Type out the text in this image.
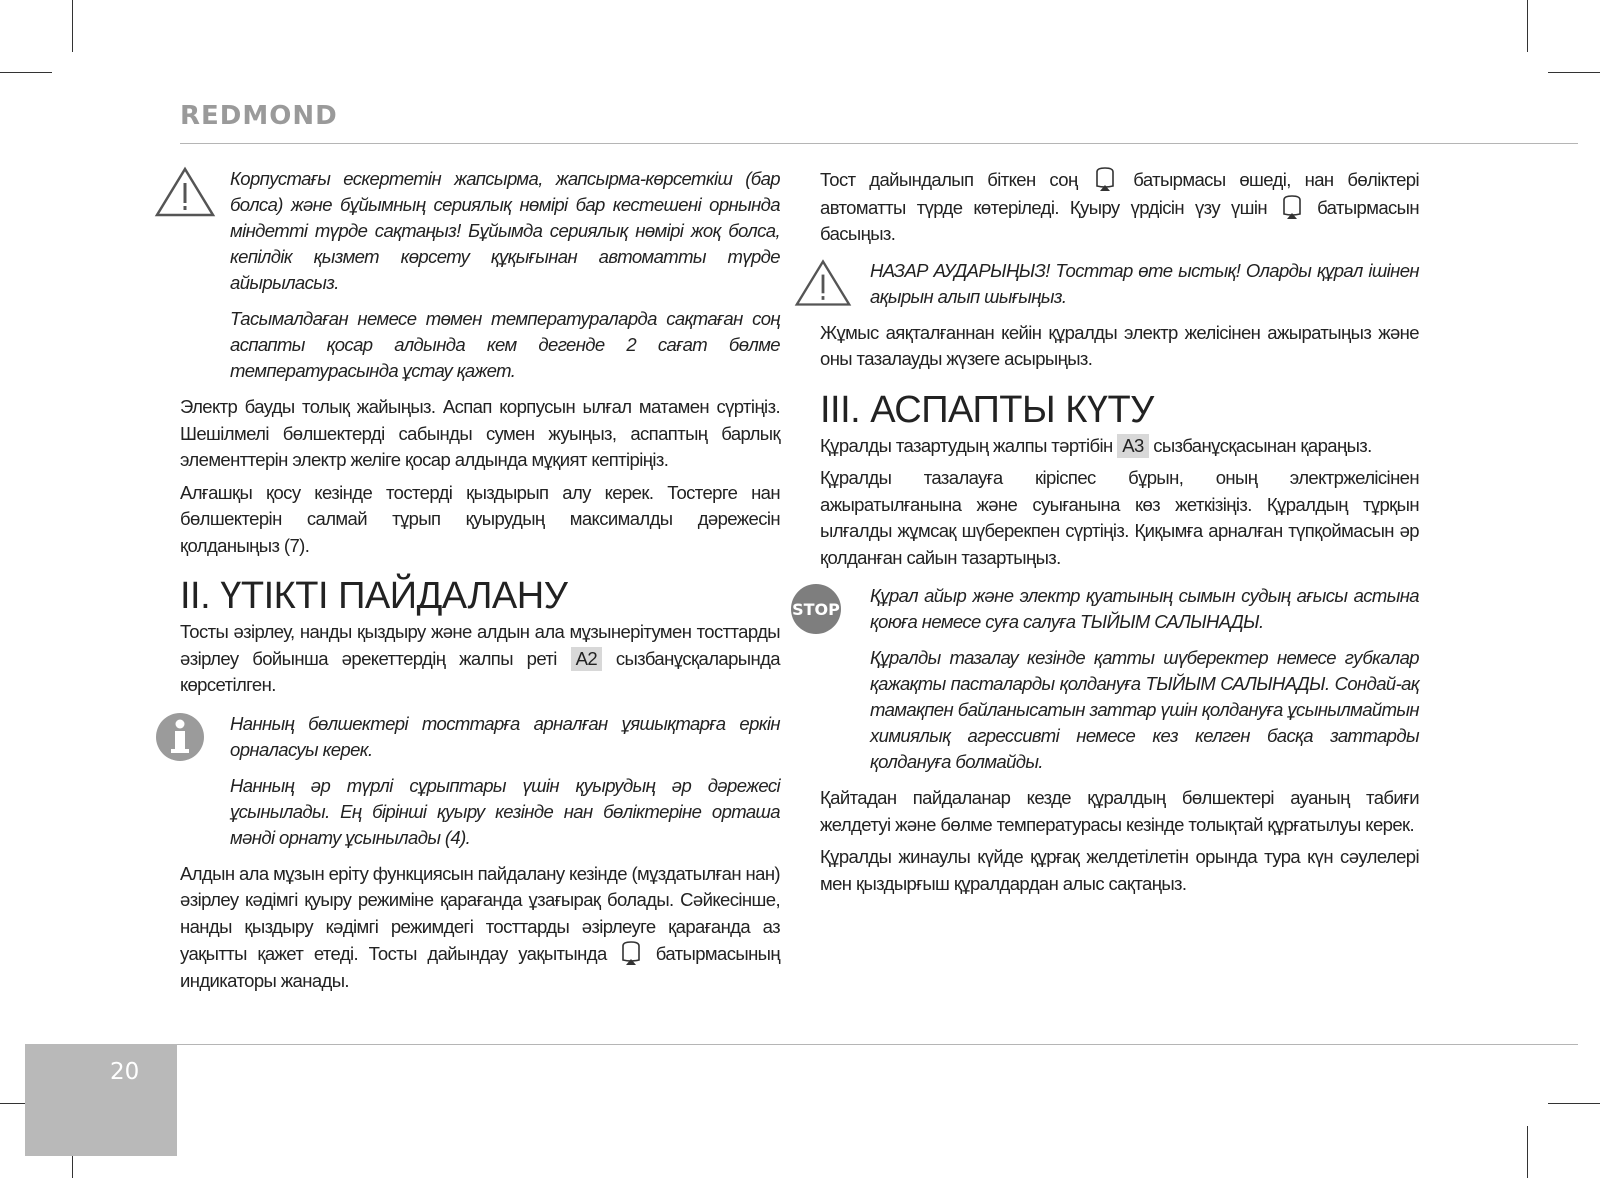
REDMOND

Корпустағы ескертетін жапсырма, жапсырма-көрсеткіш (бар болса) және бұйымның сериялық нөмірі бар кестешені орнында міндетті түрде сақтаңыз! Бұйымда сериялық нөмірі жоқ болса, кепілдік қызмет көрсету құқығынан автоматты түрде айырыласыз.

Тасымалдаған немесе төмен температураларда сақтаған соң аспапты қосар алдында кем дегенде 2 сағат бөлме температурасында ұстау қажет.

Электр бауды толық жайыңыз. Аспап корпусын ылғал матамен сүртіңіз. Шешілмелі бөлшектерді сабынды сумен жуыңыз, аспаптың барлық элементтерін электр желіге қосар алдында мұқият кептіріңіз.

Алғашқы қосу кезінде тостерді қыздырып алу керек. Тостерге нан бөлшектерін салмай тұрып қуырудың максималды дәрежесін қолданыңыз (7).

II. ҮТІКТІ ПАЙДАЛАНУ

Тосты әзірлеу, нанды қыздыру және алдын ала мұзынерітумен тосттарды әзірлеу бойынша әрекеттердің жалпы реті A2 сызбанұсқаларында көрсетілген.

Нанның бөлшектері тосттарға арналған ұяшықтарға еркін орналасуы керек.

Нанның әр түрлі сұрыптары үшін қуырудың әр дәрежесі ұсынылады. Ең бірінші қуыру кезінде нан бөліктеріне орташа мәнді орнату ұсынылады (4).

Алдын ала мұзын еріту функциясын пайдалану кезінде (мұздатылған нан) әзірлеу кәдімгі қуыру режиміне қарағанда ұзағырақ болады. Сәйкесінше, нанды қыздыру кәдімгі режимдегі тосттарды әзірлеуге қарағанда аз уақытты қажет етеді. Тосты дайындау уақытында	батырмасының индикаторы жанады.

Тост дайындалып біткен соң	батырмасы өшеді, нан бөліктері автоматты түрде көтеріледі. Қуыру үрдісін үзу үшін	батырмасын басыңыз.

НАЗАР АУДАРЫҢЫЗ! Тосттар өте ыстық! Оларды құрал ішінен ақырын алып шығыңыз.

Жұмыс аяқталғаннан кейін құралды электр желісінен ажыратыңыз және оны тазалауды жүзеге асырыңыз.

III. АСПАПТЫ КҮТУ

Құралды тазартудың жалпы тәртібін A3 сызбанұсқасынан қараңыз.

Құралды тазалауға кіріспес бұрын, оның электржелісінен ажыратылғанына және суығанына көз жеткізіңіз. Құралдың тұрқын ылғалды жұмсақ шүберекпен сүртіңіз. Қиқымға арналған түпқоймасын әр қолданған сайын тазартыңыз.

STOP

Құрал айыр және электр қуатының сымын судың ағысы астына қоюға немесе суға салуға ТЫЙЫМ САЛЫНАДЫ.

Құралды тазалау кезінде қатты шүберектер немесе губкалар қажақты пасталарды қолдануға ТЫЙЫМ САЛЫНАДЫ. Сондай-ақ тамақпен байланысатын заттар үшін қолдануға ұсынылмайтын химиялық агрессивті немесе кез келген басқа заттарды қолдануға болмайды.

Қайтадан пайдаланар кезде құралдың бөлшектері ауаның табиғи желдетуі және бөлме температурасы кезінде толықтай құрғатылуы керек.

Құралды жинаулы күйде құрғақ желдетілетін орында тура күн сәулелері мен қыздырғыш құралдардан алыс сақтаңыз.

20
